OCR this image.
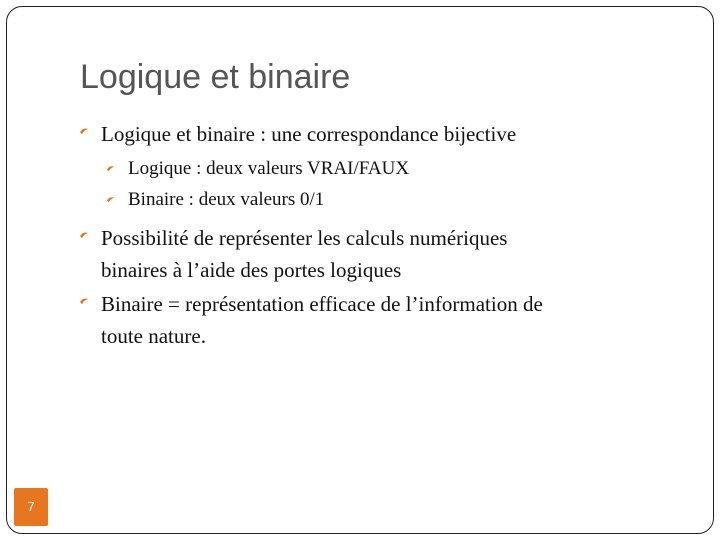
Logique et binaire
Logique et binaire : une correspondance bijective
Logique : deux valeurs VRAI/FAUX
Binaire : deux valeurs 0/1
Possibilité de représenter les calculs numériques
binaires à l’aide des portes logiques
Binaire = représentation efficace de l’information de
toute nature.
7
